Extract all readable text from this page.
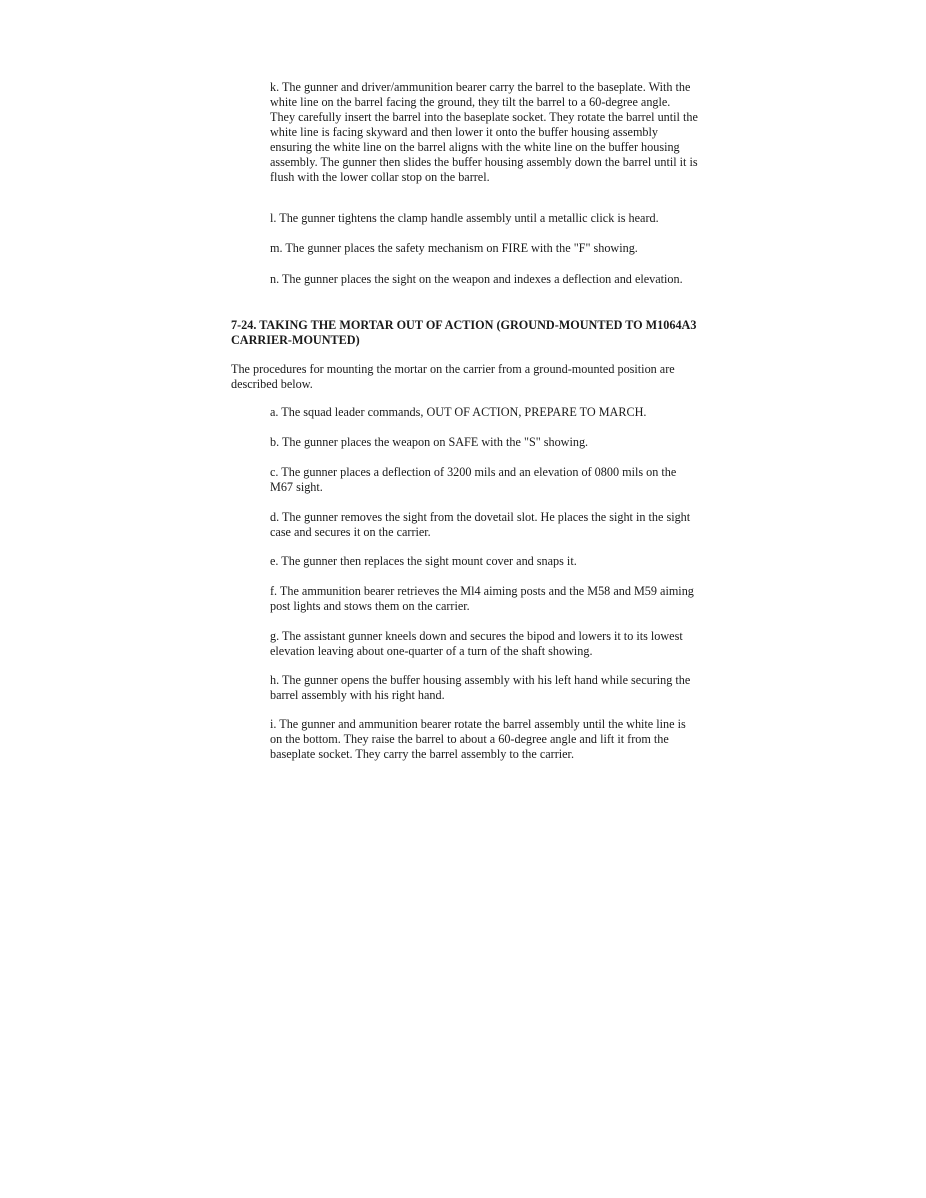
k. The gunner and driver/ammunition bearer carry the barrel to the baseplate. With the white line on the barrel facing the ground, they tilt the barrel to a 60-degree angle. They carefully insert the barrel into the baseplate socket. They rotate the barrel until the white line is facing skyward and then lower it onto the buffer housing assembly ensuring the white line on the barrel aligns with the white line on the buffer housing assembly. The gunner then slides the buffer housing assembly down the barrel until it is flush with the lower collar stop on the barrel.

l. The gunner tightens the clamp handle assembly until a metallic click is heard.

m. The gunner places the safety mechanism on FIRE with the "F" showing.

n. The gunner places the sight on the weapon and indexes a deflection and elevation.

7-24. TAKING THE MORTAR OUT OF ACTION (GROUND-MOUNTED TO M1064A3 CARRIER-MOUNTED)

The procedures for mounting the mortar on the carrier from a ground-mounted position are described below.

a. The squad leader commands, OUT OF ACTION, PREPARE TO MARCH.

b. The gunner places the weapon on SAFE with the "S" showing.

c. The gunner places a deflection of 3200 mils and an elevation of 0800 mils on the M67 sight.

d. The gunner removes the sight from the dovetail slot. He places the sight in the sight case and secures it on the carrier.

e. The gunner then replaces the sight mount cover and snaps it.

f. The ammunition bearer retrieves the Ml4 aiming posts and the M58 and M59 aiming post lights and stows them on the carrier.

g. The assistant gunner kneels down and secures the bipod and lowers it to its lowest elevation leaving about one-quarter of a turn of the shaft showing.

h. The gunner opens the buffer housing assembly with his left hand while securing the barrel assembly with his right hand.

i. The gunner and ammunition bearer rotate the barrel assembly until the white line is on the bottom. They raise the barrel to about a 60-degree angle and lift it from the baseplate socket. They carry the barrel assembly to the carrier.
